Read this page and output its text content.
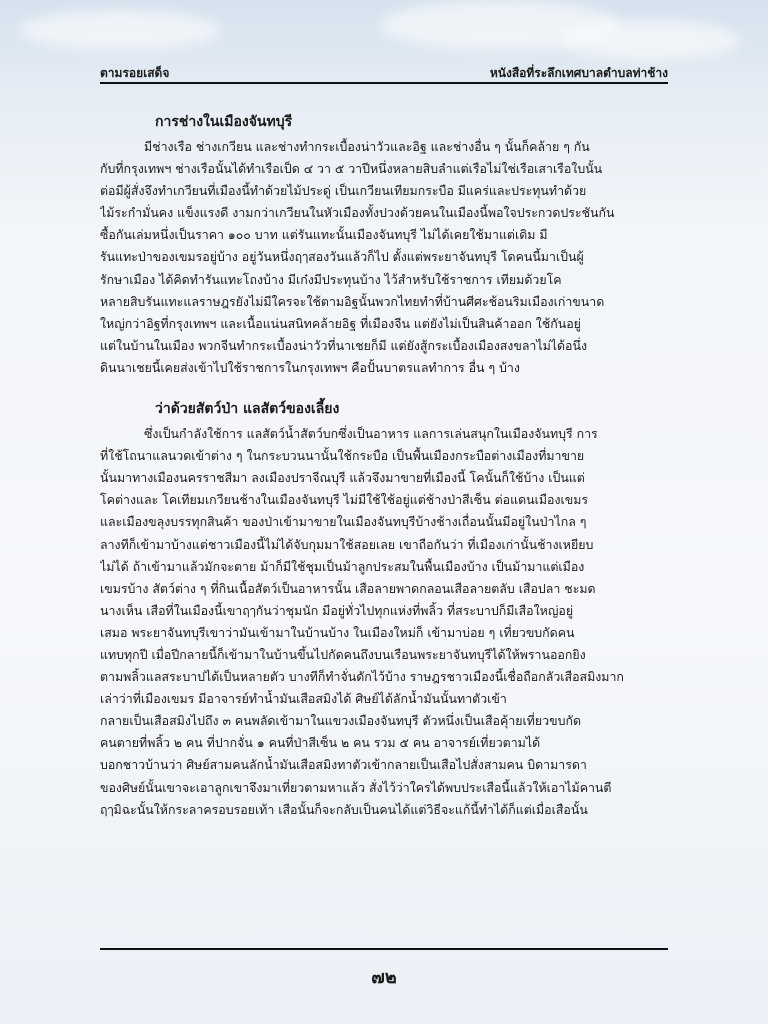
ตามรอยเสด็จ	หนังสือที่ระลึกเทศบาลตำบลท่าช้าง
การช่างในเมืองจันทบุรี
มีช่างเรือ ช่างเกวียน และช่างทำกระเบื้องน่าวัวและอิฐ และช่างอื่น ๆ นั้นก็คล้าย ๆ กัน
กับที่กรุงเทพฯ ช่างเรือนั้นได้ทำเรือเป็ด ๔ วา ๕ วาปีหนึ่งหลายสิบลำแต่เรือไม่ใช่เรือเสาเรือใบนั้น
ต่อมีผู้สั่งจึงทำเกวียนที่เมืองนี้ทำด้วยไม้ประดู่ เป็นเกวียนเทียมกระบือ มีแคร่และประทุนทำด้วย
ไม้ระกำมั่นคง แข็งแรงดี งามกว่าเกวียนในหัวเมืองทั้งปวงด้วยคนในเมืองนี้พอใจประกวดประชันกัน
ซื้อกันเล่มหนึ่งเป็นราคา ๑๐๐ บาท แต่รันแทะนั้นเมืองจันทบุรี ไม่ได้เคยใช้มาแต่เดิม มี
รันแทะป่าของเขมรอยู่บ้าง อยู่วันหนึ่งฤๅสองวันแล้วก็ไป ตั้งแต่พระยาจันทบุรี โดคนนี้มาเป็นผู้
รักษาเมือง ได้คิดทำรันแทะโถงบ้าง มีเก๋งมีประทุนบ้าง ไว้สำหรับใช้ราชการ เทียมด้วยโค
หลายสิบรันแทะแลราษฎรยังไม่มีใครจะใช้ตามอิฐนั้นพวกไทยทำที่บ้านศีศะช้อนริมเมืองเก่าขนาด
ใหญ่กว่าอิฐที่กรุงเทพฯ และเนื้อแน่นสนิทคล้ายอิฐ ที่เมืองจีน แต่ยังไม่เป็นสินค้าออก ใช้กันอยู่
แต่ในบ้านในเมือง พวกจีนทำกระเบื้องน่าวัวที่นาเชยก็มี แต่ยังสู้กระเบื้องเมืองสงขลาไม่ได้อนึ่ง
ดินนาเชยนี้เคยส่งเข้าไปใช้ราชการในกรุงเทพฯ คือปั้นบาตรแลทำการ อื่น ๆ บ้าง
ว่าด้วยสัตว์ป่า แลสัตว์ของเลี้ยง
ซึ่งเป็นกำลังใช้การ แลสัตว์น้ำสัตว์บกซึ่งเป็นอาหาร แลการเล่นสนุกในเมืองจันทบุรี การ
ที่ใช้โถนาแลนวดเข้าต่าง ๆ ในกระบวนนานั้นใช้กระบือ เป็นพื้นเมืองกระบือต่างเมืองที่มาขาย
นั้นมาทางเมืองนครราชสีมา ลงเมืองปราจีณบุรี แล้วจึงมาขายที่เมืองนี้ โคนั้นก็ใช้บ้าง เป็นแต่
โคต่างและ โคเทียมเกวียนช้างในเมืองจันทบุรี ไม่มีใช้ใช้อยู่แต่ช้างป่าสีเซ็น ต่อแดนเมืองเขมร
และเมืองขลุงบรรทุกสินค้า ของป่าเข้ามาขายในเมืองจันทบุรีบ้างช้างเถื่อนนั้นมีอยู่ในป่าไกล ๆ
ลางทีก็เข้ามาบ้างแต่ชาวเมืองนี้ไม่ได้จับกุมมาใช้สอยเลย เขาถือกันว่า ที่เมืองเก่านั้นช้างเหยียบ
ไม่ได้ ถ้าเข้ามาแล้วมักจะตาย ม้าก็มีใช้ชุมเป็นม้าลูกประสมในพื้นเมืองบ้าง เป็นม้ามาแต่เมือง
เขมรบ้าง สัตว์ต่าง ๆ ที่กินเนื้อสัตว์เป็นอาหารนั้น เสือลายพาดกลอนเสือลายตลับ เสือปลา ชะมด
นางเห็น เสือที่ในเมืองนี้เขาฤๅกันว่าชุมนัก มีอยู่ทั่วไปทุกแห่งที่พลิ้ว ที่สระบาปก็มีเสือใหญ่อยู่
เสมอ พระยาจันทบุรีเขาว่ามันเข้ามาในบ้านบ้าง ในเมืองใหม่ก็ เข้ามาบ่อย ๆ เที่ยวขบกัดคน
แทบทุกปี เมื่อปีกลายนี้ก็เข้ามาในบ้านขึ้นไปกัดคนถึงบนเรือนพระยาจันทบุรีได้ให้พรานออกยิง
ตามพลิ้วแลสระบาปได้เป็นหลายตัว บางทีก็ทำจั่นดักไว้บ้าง ราษฎรชาวเมืองนี้เชื่อถือกลัวเสือสมิงมาก
เล่าว่าที่เมืองเขมร มีอาจารย์ทำน้ำมันเสือสมิงได้ ศิษย์ได้ลักน้ำมันนั้นทาตัวเข้า
กลายเป็นเสือสมิงไปถึง ๓ คนพลัดเข้ามาในแขวงเมืองจันทบุรี ตัวหนึ่งเป็นเสือคุ้ายเที่ยวขบกัด
คนตายที่พลิ้ว ๒ คน ที่ปากจั่น ๑ คนที่ป่าสีเซ็น ๒ คน รวม ๕ คน อาจารย์เที่ยวตามได้
บอกชาวบ้านว่า ศิษย์สามคนลักน้ำมันเสือสมิงทาตัวเข้ากลายเป็นเสือไปสั่งสามคน บิดามารดา
ของศิษย์นั้นเขาจะเอาลูกเขาจึงมาเที่ยวตามหาแล้ว สั่งไว้ว่าใครได้พบประเสือนี้แล้วให้เอาไม้คานตี
ฤๅมิฉะนั้นให้กระลาครอบรอยเท้า เสือนั้นก็จะกลับเป็นคนได้แต่วิธีจะแก้นี้ทำได้ก็แต่เมื่อเสือนั้น
๗๒
